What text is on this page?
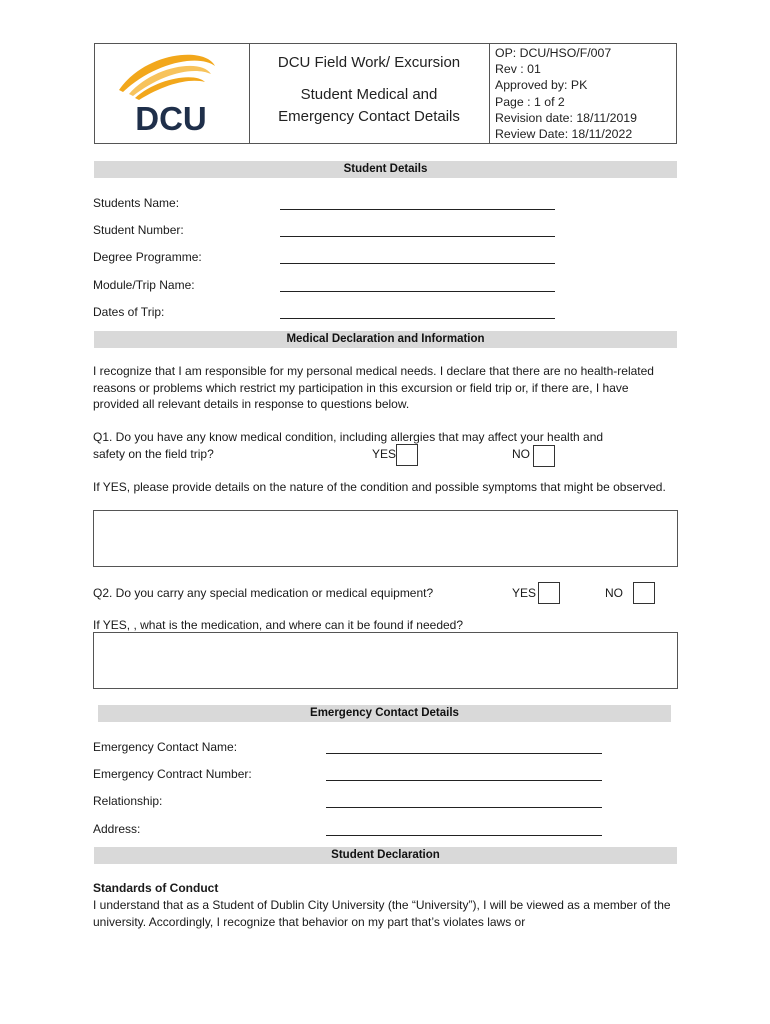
DCU
DCU Field Work/ Excursion
Student Medical and
Emergency Contact Details
OP: DCU/HSO/F/007
Rev : 01
Approved by: PK
Page : 1 of 2
Revision date: 18/11/2019
Review Date: 18/11/2022
Student Details
Students Name:
Student Number:
Degree Programme:
Module/Trip Name:
Dates of Trip:
Medical Declaration and Information
I recognize that I am responsible for my personal medical needs. I declare that there are no health-related reasons or problems which restrict my participation in this excursion or field trip or, if there are, I have provided all relevant details in response to questions below.
Q1. Do you have any know medical condition, including allergies that may affect your health and
safety on the field trip?	YES	NO
If YES, please provide details on the nature of the condition and possible symptoms that might be observed.
Q2. Do you carry any special medication or medical equipment?	YES	NO
If YES, , what is the medication, and where can it be found if needed?
Emergency Contact Details
Emergency Contact Name:
Emergency Contract Number:
Relationship:
Address:
Student Declaration
Standards of Conduct
I understand that as a Student of Dublin City University (the “University”), I will be viewed as a member of the university. Accordingly, I recognize that behavior on my part that’s violates laws or
